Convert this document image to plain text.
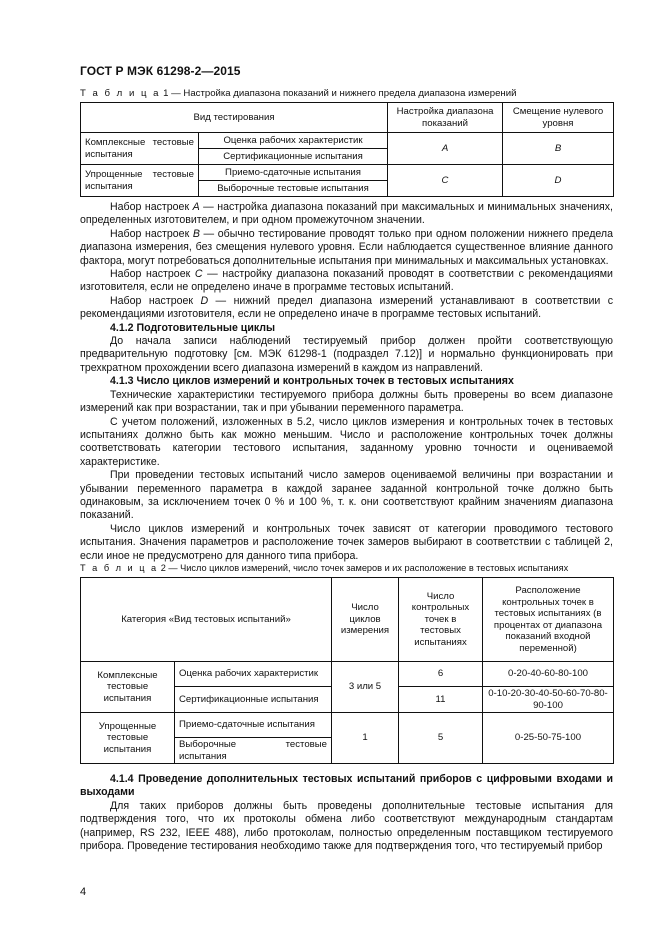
ГОСТ Р МЭК 61298-2—2015
Т а б л и ц а 1 — Настройка диапазона показаний и нижнего предела диапазона измерений
Вид тестирования		Настройка диапазона показаний	Смещение нулевого уровня
Комплексные тестовые испытания	Оценка рабочих характеристик	A	B
	Сертификационные испытания		
Упрощенные тестовые испытания	Приемо-сдаточные испытания	C	D
	Выборочные тестовые испытания		

Набор настроек A — настройка диапазона показаний при максимальных и минимальных значениях, определенных изготовителем, и при одном промежуточном значении.

Набор настроек B — обычно тестирование проводят только при одном положении нижнего предела диапазона измерения, без смещения нулевого уровня. Если наблюдается существенное влияние данного фактора, могут потребоваться дополнительные испытания при минимальных и максимальных установках.

Набор настроек C — настройку диапазона показаний проводят в соответствии с рекомендациями изготовителя, если не определено иначе в программе тестовых испытаний.

Набор настроек D — нижний предел диапазона измерений устанавливают в соответствии с рекомендациями изготовителя, если не определено иначе в программе тестовых испытаний.

4.1.2 Подготовительные циклы

До начала записи наблюдений тестируемый прибор должен пройти соответствующую предварительную подготовку [см. МЭК 61298-1 (подраздел 7.12)] и нормально функционировать при трехкратном прохождении всего диапазона измерений в каждом из направлений.

4.1.3 Число циклов измерений и контрольных точек в тестовых испытаниях

Технические характеристики тестируемого прибора должны быть проверены во всем диапазоне измерений как при возрастании, так и при убывании переменного параметра.

С учетом положений, изложенных в 5.2, число циклов измерения и контрольных точек в тестовых испытаниях должно быть как можно меньшим. Число и расположение контрольных точек должны соответствовать категории тестового испытания, заданному уровню точности и оцениваемой характеристике.

При проведении тестовых испытаний число замеров оцениваемой величины при возрастании и убывании переменного параметра в каждой заранее заданной контрольной точке должно быть одинаковым, за исключением точек 0 % и 100 %, т. к. они соответствуют крайним значениям диапазона показаний.

Число циклов измерений и контрольных точек зависят от категории проводимого тестового испытания. Значения параметров и расположение точек замеров выбирают в соответствии с таблицей 2, если иное не предусмотрено для данного типа прибора.

Т а б л и ц а 2 — Число циклов измерений, число точек замеров и их расположение в тестовых испытаниях
Категория «Вид тестовых испытаний»		Число циклов измерения	Число контрольных точек в тестовых испытаниях	Расположение контрольных точек в тестовых испытаниях (в процентах от диапазона показаний входной переменной)
Комплексные тестовые испытания	Оценка рабочих характеристик	3 или 5	6	0-20-40-60-80-100
	Сертификационные испытания		11	0-10-20-30-40-50-60-70-80-90-100
Упрощенные тестовые испытания	Приемо-сдаточные испытания	1	5	0-25-50-75-100
	Выборочные тестовые испытания			

4.1.4 Проведение дополнительных тестовых испытаний приборов с цифровыми входами и выходами

Для таких приборов должны быть проведены дополнительные тестовые испытания для подтверждения того, что их протоколы обмена либо соответствуют международным стандартам (например, RS 232, IEEE 488), либо протоколам, полностью определенным поставщиком тестируемого прибора. Проведение тестирования необходимо также для подтверждения того, что тестируемый прибор

4
